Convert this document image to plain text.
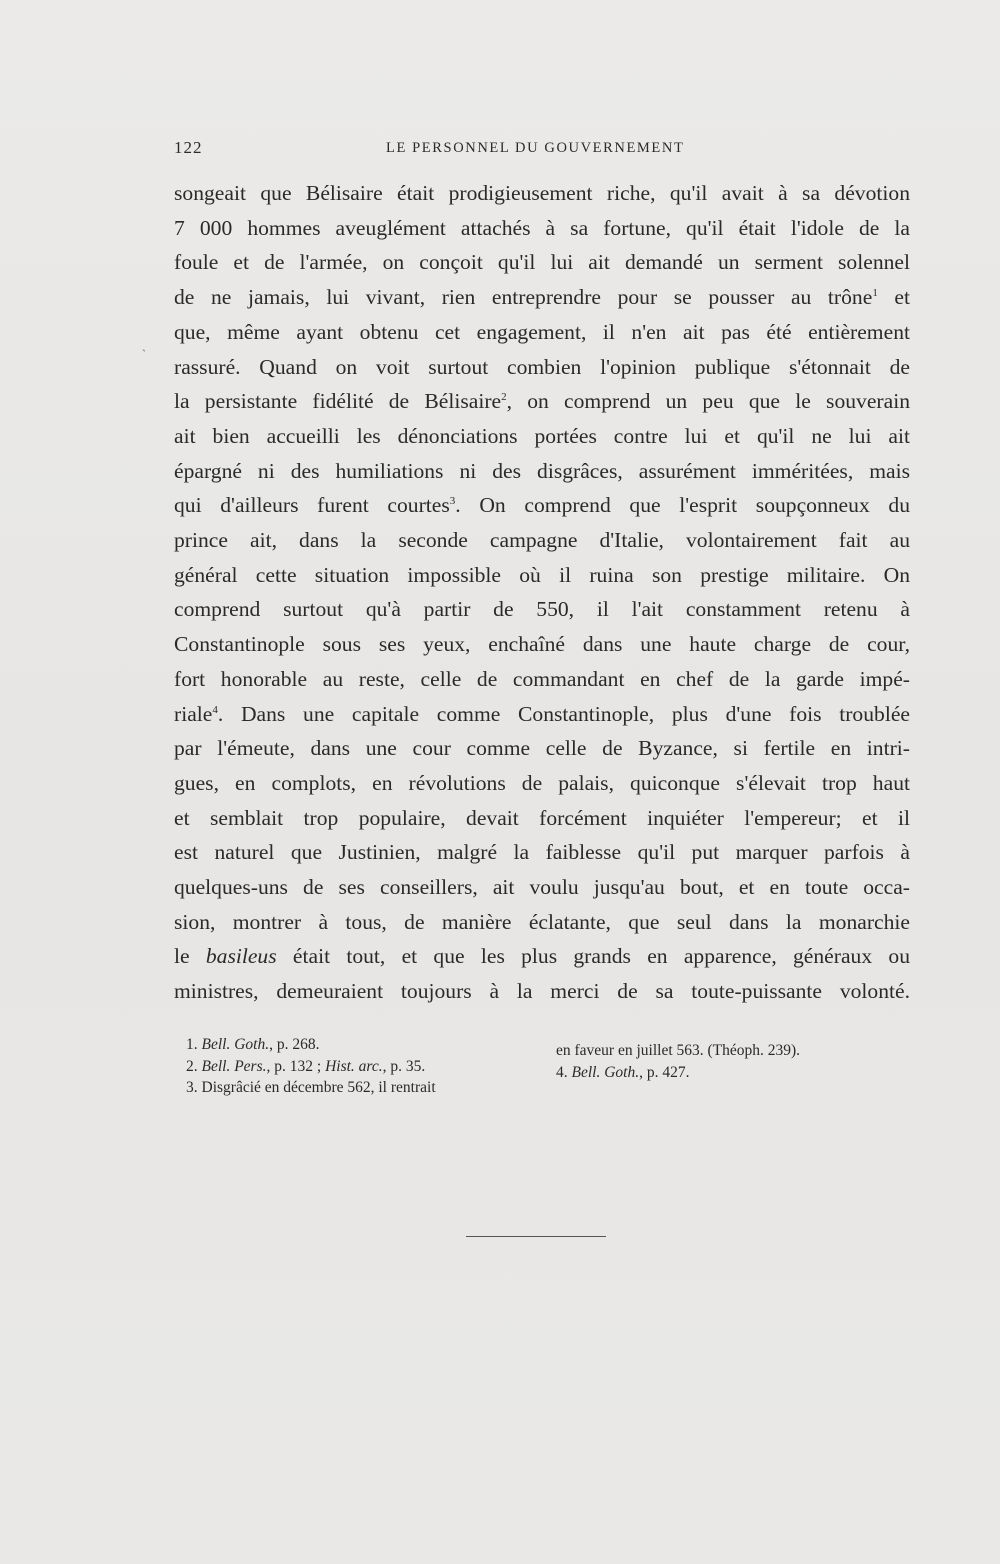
122	LE PERSONNEL DU GOUVERNEMENT
`
songeait que Bélisaire était prodigieusement riche, qu'il avait à sa dévotion
7 000 hommes aveuglément attachés à sa fortune, qu'il était l'idole de la
foule et de l'armée, on conçoit qu'il lui ait demandé un serment solennel
de ne jamais, lui vivant, rien entreprendre pour se pousser au trône$^1$ et
que, même ayant obtenu cet engagement, il n'en ait pas été entièrement
rassuré. Quand on voit surtout combien l'opinion publique s'étonnait de
la persistante fidélité de Bélisaire$^2$, on comprend un peu que le souverain
ait bien accueilli les dénonciations portées contre lui et qu'il ne lui ait
épargné ni des humiliations ni des disgrâces, assurément imméritées, mais
qui d'ailleurs furent courtes$^3$. On comprend que l'esprit soupçonneux du
prince ait, dans la seconde campagne d'Italie, volontairement fait au
général cette situation impossible où il ruina son prestige militaire. On
comprend surtout qu'à partir de 550, il l'ait constamment retenu à
Constantinople sous ses yeux, enchaîné dans une haute charge de cour,
fort honorable au reste, celle de commandant en chef de la garde impé-
riale$^4$. Dans une capitale comme Constantinople, plus d'une fois troublée
par l'émeute, dans une cour comme celle de Byzance, si fertile en intri-
gues, en complots, en révolutions de palais, quiconque s'élevait trop haut
et semblait trop populaire, devait forcément inquiéter l'empereur; et il
est naturel que Justinien, malgré la faiblesse qu'il put marquer parfois à
quelques-uns de ses conseillers, ait voulu jusqu'au bout, et en toute occa-
sion, montrer à tous, de manière éclatante, que seul dans la monarchie
le basileus était tout, et que les plus grands en apparence, généraux ou
ministres, demeuraient toujours à la merci de sa toute-puissante volonté.
1. Bell. Goth., p. 268.
2. Bell. Pers., p. 132 ; Hist. arc., p. 35.
3. Disgrâcié en décembre 562, il rentrait
en faveur en juillet 563. (Théoph. 239).
4. Bell. Goth., p. 427.
